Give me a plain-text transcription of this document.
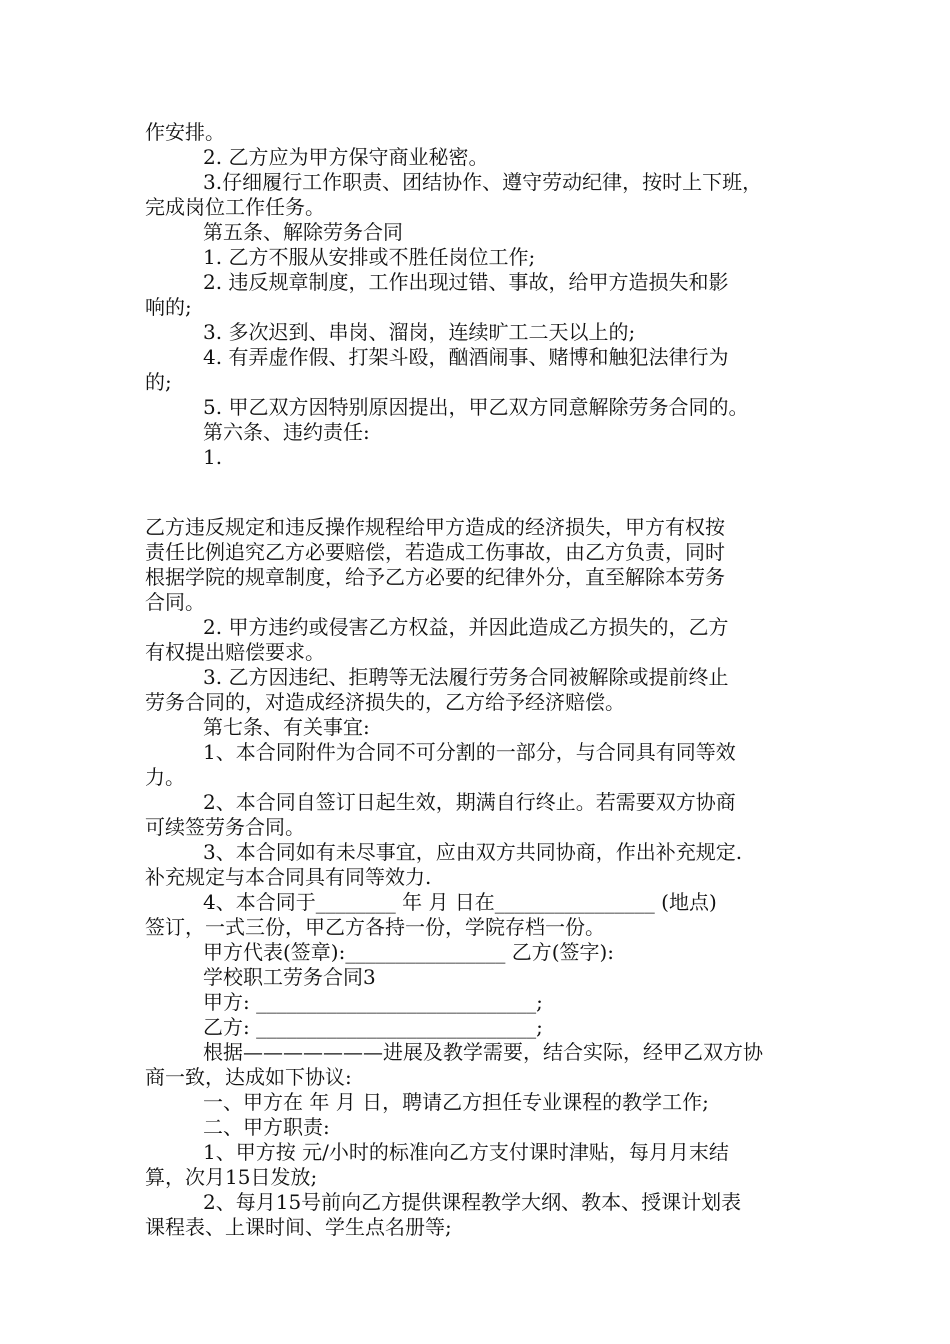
作安排。
2. 乙方应为甲方保守商业秘密。
3.仔细履行工作职责、团结协作、遵守劳动纪律，按时上下班，
完成岗位工作任务。
第五条、解除劳务合同
1. 乙方不服从安排或不胜任岗位工作;
2. 违反规章制度，工作出现过错、事故，给甲方造损失和影
响的;
3. 多次迟到、串岗、溜岗，连续旷工二天以上的;
4. 有弄虚作假、打架斗殴，酗酒闹事、赌博和触犯法律行为
的;
5. 甲乙双方因特别原因提出，甲乙双方同意解除劳务合同的。
第六条、违约责任:
1.
乙方违反规定和违反操作规程给甲方造成的经济损失，甲方有权按
责任比例追究乙方必要赔偿，若造成工伤事故，由乙方负责，同时
根据学院的规章制度，给予乙方必要的纪律外分，直至解除本劳务
合同。
2. 甲方违约或侵害乙方权益，并因此造成乙方损失的，乙方
有权提出赔偿要求。
3. 乙方因违纪、拒聘等无法履行劳务合同被解除或提前终止
劳务合同的，对造成经济损失的，乙方给予经济赔偿。
第七条、有关事宜:
1、本合同附件为合同不可分割的一部分，与合同具有同等效
力。
2、本合同自签订日起生效，期满自行终止。若需要双方协商
可续签劳务合同。
3、本合同如有未尽事宜，应由双方共同协商，作出补充规定.
补充规定与本合同具有同等效力.
4、本合同于________ 年 月 日在________________ (地点)
签订，一式三份，甲乙方各持一份，学院存档一份。
甲方代表(签章):________________ 乙方(签字):
学校职工劳务合同3
甲方: ____________________________;
乙方: ____________________________;
根据———————进展及教学需要，结合实际，经甲乙双方协
商一致，达成如下协议:
一、甲方在 年 月 日，聘请乙方担任专业课程的教学工作;
二、甲方职责:
1、甲方按 元/小时的标准向乙方支付课时津贴，每月月末结
算，次月15日发放;
2、每月15号前向乙方提供课程教学大纲、教本、授课计划表
课程表、上课时间、学生点名册等;
